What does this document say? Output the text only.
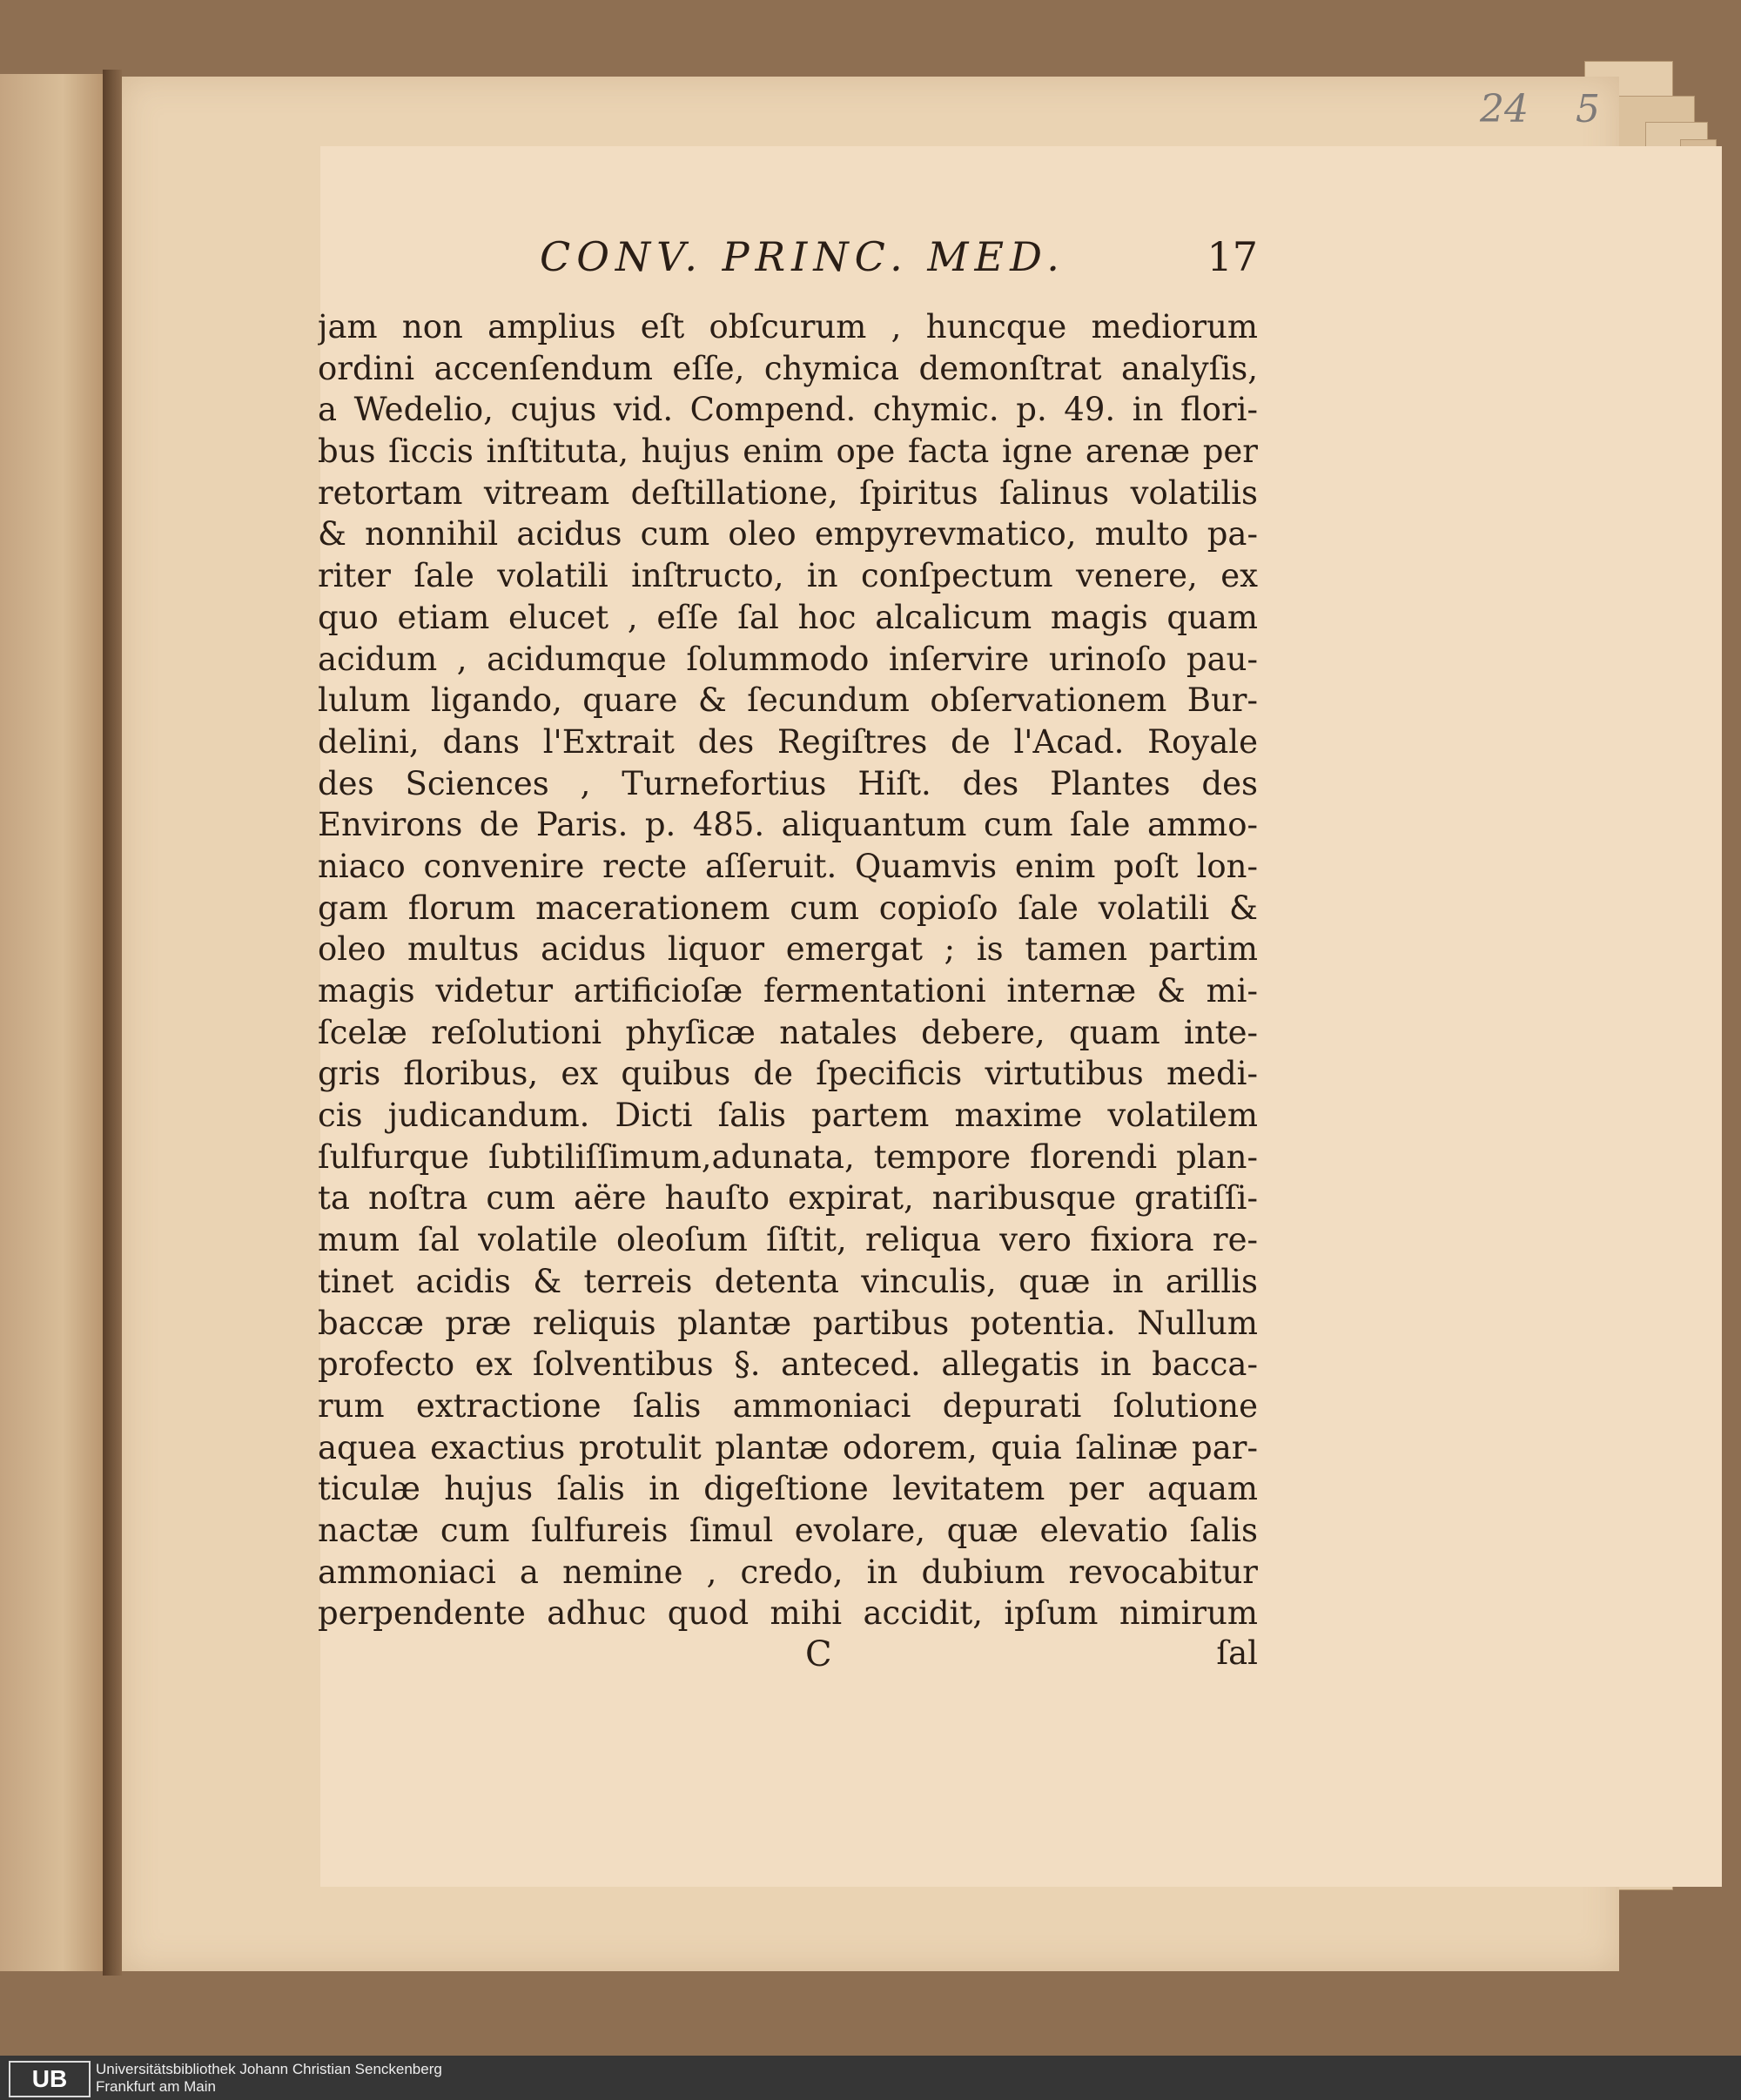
24 5
CONV. PRINC. MED.	17
jam non amplius eſt obſcurum , huncque mediorum
ordini accenſendum eſſe, chymica demonſtrat analyſis,
a Wedelio, cujus vid. Compend. chymic. p. 49. in flori-
bus ſiccis inſtituta, hujus enim ope facta igne arenæ per
retortam vitream deſtillatione, ſpiritus ſalinus volatilis
& nonnihil acidus cum oleo empyrevmatico, multo pa-
riter ſale volatili inſtructo, in conſpectum venere, ex
quo etiam elucet , eſſe ſal hoc alcalicum magis quam
acidum , acidumque ſolummodo inſervire urinoſo pau-
lulum ligando, quare & ſecundum obſervationem Bur-
delini, dans l'Extrait des Regiſtres de l'Acad. Royale
des Sciences , Turnefortius Hiſt. des Plantes des
Environs de Paris. p. 485. aliquantum cum ſale ammo-
niaco convenire recte aſſeruit. Quamvis enim poſt lon-
gam florum macerationem cum copioſo ſale volatili &
oleo multus acidus liquor emergat ; is tamen partim
magis videtur artificioſæ fermentationi internæ & mi-
ſcelæ reſolutioni phyſicæ natales debere, quam inte-
gris floribus, ex quibus de ſpecificis virtutibus medi-
cis judicandum. Dicti ſalis partem maxime volatilem
ſulfurque ſubtiliſſimum,adunata, tempore florendi plan-
ta noſtra cum aëre hauſto expirat, naribusque gratiſſi-
mum ſal volatile oleoſum ſiſtit, reliqua vero fixiora re-
tinet acidis & terreis detenta vinculis, quæ in arillis
baccæ præ reliquis plantæ partibus potentia. Nullum
profecto ex ſolventibus §. anteced. allegatis in bacca-
rum extractione ſalis ammoniaci depurati ſolutione
aquea exactius protulit plantæ odorem, quia ſalinæ par-
ticulæ hujus ſalis in digeſtione levitatem per aquam
nactæ cum ſulfureis ſimul evolare, quæ elevatio ſalis
ammoniaci a nemine , credo, in dubium revocabitur
perpendente adhuc quod mihi accidit, ipſum nimirum
C	ſal
UB	Universitätsbibliothek Johann Christian Senckenberg
Frankfurt am Main
